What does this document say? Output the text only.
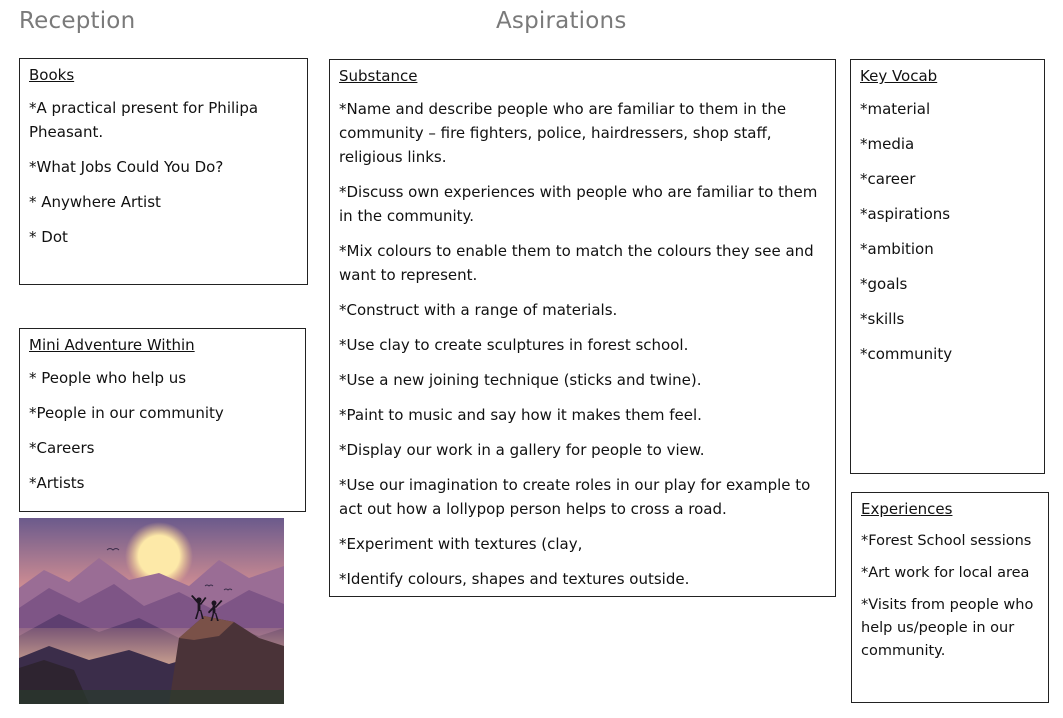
Reception	Aspirations
Books
*A practical present for Philipa Pheasant.
*What Jobs Could You Do?
* Anywhere Artist
* Dot
Mini Adventure Within
* People who help us
*People in our community
*Careers
*Artists
Substance
*Name and describe people who are familiar to them in the community – fire fighters, police, hairdressers, shop staff, religious links.
*Discuss own experiences with people who are familiar to them in the community.
*Mix colours to enable them to match the colours they see and want to represent.
*Construct with a range of materials.
*Use clay to create sculptures in forest school.
*Use a new joining technique (sticks and twine).
*Paint to music and say how it makes them feel.
*Display our work in a gallery for people to view.
*Use our imagination to create roles in our play for example to act out how a lollypop person helps to cross a road.
*Experiment with textures (clay,
*Identify colours, shapes and textures outside.
Key Vocab
*material
*media
*career
*aspirations
*ambition
*goals
*skills
*community
Experiences
*Forest School sessions
*Art work for local area
*Visits from people who help us/people in our community.
